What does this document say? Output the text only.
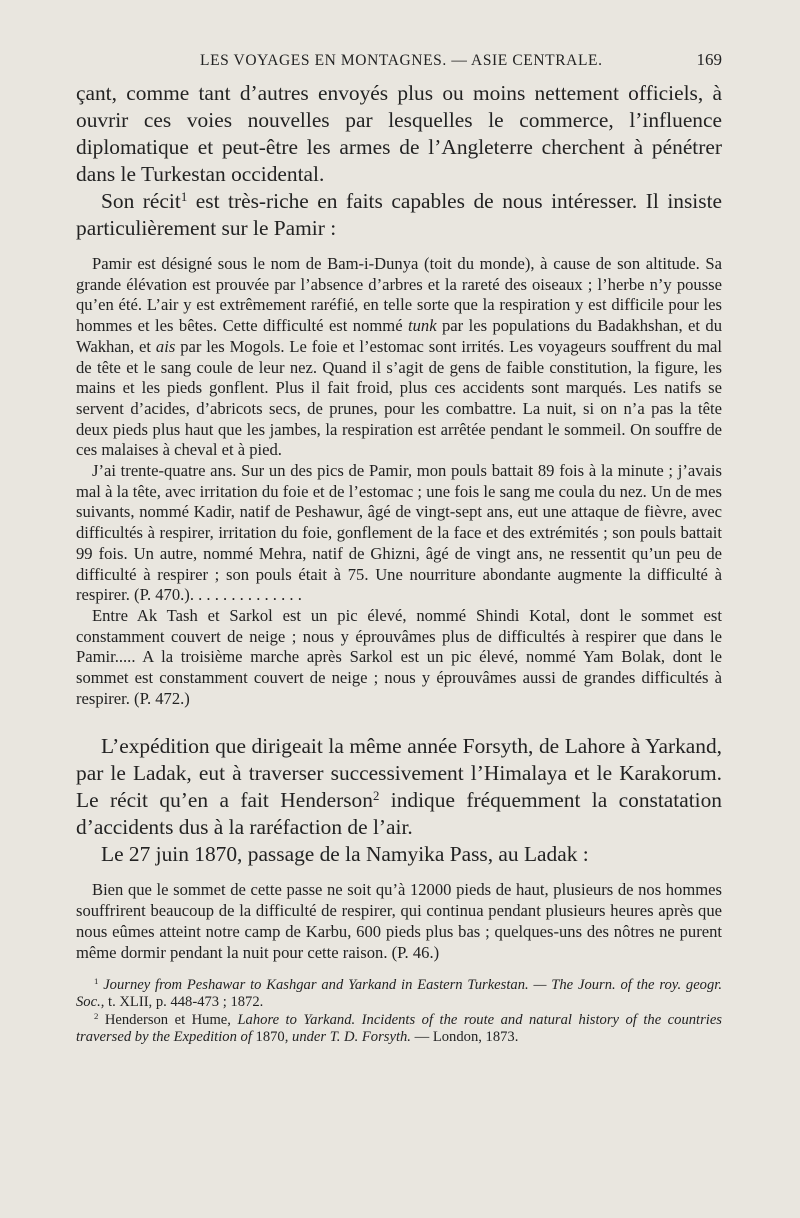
LES VOYAGES EN MONTAGNES. — ASIE CENTRALE.	169

çant, comme tant d’autres envoyés plus ou moins nettement officiels, à ouvrir ces voies nouvelles par lesquelles le commerce, l’influence diplomatique et peut-être les armes de l’Angleterre cherchent à pénétrer dans le Turkestan occidental.

Son récit$^1$ est très-riche en faits capables de nous intéresser. Il insiste particulièrement sur le Pamir :

Pamir est désigné sous le nom de Bam-i-Dunya (toit du monde), à cause de son altitude. Sa grande élévation est prouvée par l’absence d’arbres et la rareté des oiseaux ; l’herbe n’y pousse qu’en été. L’air y est extrêmement raréfié, en telle sorte que la respiration y est difficile pour les hommes et les bêtes. Cette difficulté est nommé tunk par les populations du Badakhshan, et du Wakhan, et ais par les Mogols. Le foie et l’estomac sont irrités. Les voyageurs souffrent du mal de tête et le sang coule de leur nez. Quand il s’agit de gens de faible constitution, la figure, les mains et les pieds gonflent. Plus il fait froid, plus ces accidents sont marqués. Les natifs se servent d’acides, d’abricots secs, de prunes, pour les combattre. La nuit, si on n’a pas la tête deux pieds plus haut que les jambes, la respiration est arrêtée pendant le sommeil. On souffre de ces malaises à cheval et à pied.

J’ai trente-quatre ans. Sur un des pics de Pamir, mon pouls battait 89 fois à la minute ; j’avais mal à la tête, avec irritation du foie et de l’estomac ; une fois le sang me coula du nez. Un de mes suivants, nommé Kadir, natif de Peshawur, âgé de vingt-sept ans, eut une attaque de fièvre, avec difficultés à respirer, irritation du foie, gonflement de la face et des extrémités ; son pouls battait 99 fois. Un autre, nommé Mehra, natif de Ghizni, âgé de vingt ans, ne ressentit qu’un peu de difficulté à respirer ; son pouls était à 75. Une nourriture abondante augmente la difficulté à respirer. (P. 470.). . . . . . . . . . . . . .

Entre Ak Tash et Sarkol est un pic élevé, nommé Shindi Kotal, dont le sommet est constamment couvert de neige ; nous y éprouvâmes plus de difficultés à respirer que dans le Pamir..... A la troisième marche après Sarkol est un pic élevé, nommé Yam Bolak, dont le sommet est constamment couvert de neige ; nous y éprouvâmes aussi de grandes difficultés à respirer. (P. 472.)

L’expédition que dirigeait la même année Forsyth, de Lahore à Yarkand, par le Ladak, eut à traverser successivement l’Himalaya et le Karakorum. Le récit qu’en a fait Henderson$^2$ indique fréquemment la constatation d’accidents dus à la raréfaction de l’air.

Le 27 juin 1870, passage de la Namyika Pass, au Ladak :

Bien que le sommet de cette passe ne soit qu’à 12000 pieds de haut, plusieurs de nos hommes souffrirent beaucoup de la difficulté de respirer, qui continua pendant plusieurs heures après que nous eûmes atteint notre camp de Karbu, 600 pieds plus bas ; quelques-uns des nôtres ne purent même dormir pendant la nuit pour cette raison. (P. 46.)

$^1$ Journey from Peshawar to Kashgar and Yarkand in Eastern Turkestan. — The Journ. of the roy. geogr. Soc., t. XLII, p. 448-473 ; 1872.

$^2$ Henderson et Hume, Lahore to Yarkand. Incidents of the route and natural history of the countries traversed by the Expedition of 1870, under T. D. Forsyth. — London, 1873.
